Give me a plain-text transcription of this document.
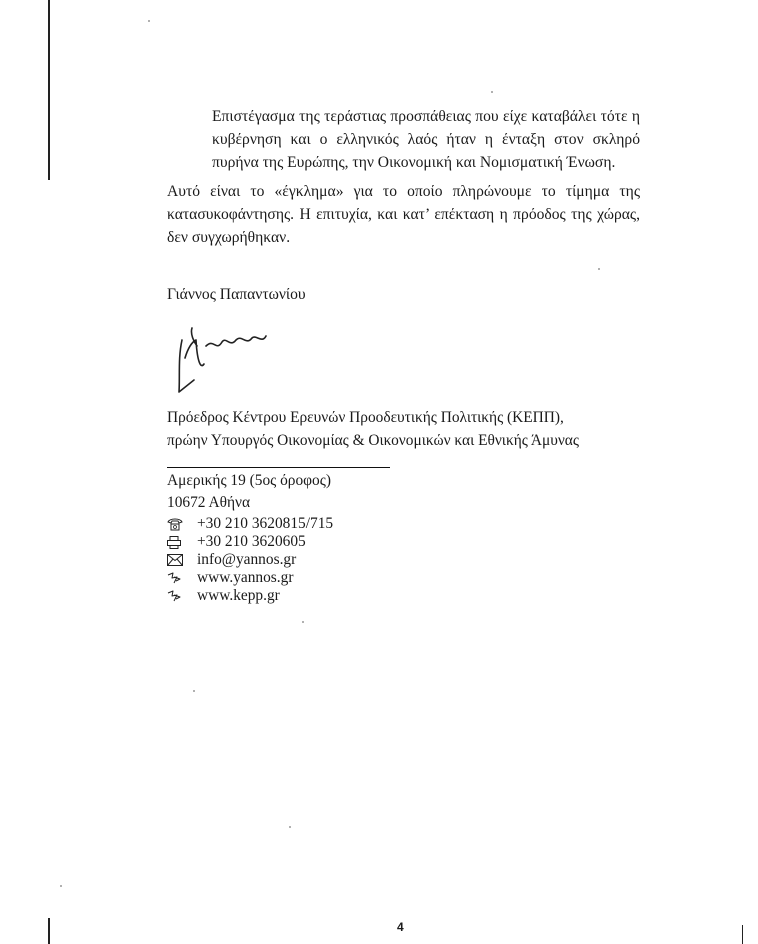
Επιστέγασμα της τεράστιας προσπάθειας που είχε καταβάλει τότε η κυβέρνηση και ο ελληνικός λαός ήταν η ένταξη στον σκληρό πυρήνα της Ευρώπης, την Οικονομική και Νομισματική Ένωση.

Αυτό είναι το «έγκλημα» για το οποίο πληρώνουμε το τίμημα της κατασυκοφάντησης. Η επιτυχία, και κατ’ επέκταση η πρόοδος της χώρας, δεν συγχωρήθηκαν.

Γιάννος Παπαντωνίου
Πρόεδρος Κέντρου Ερευνών Προοδευτικής Πολιτικής (ΚΕΠΠ),
πρώην Υπουργός Οικονομίας & Οικονομικών και Εθνικής Άμυνας
Αμερικής 19 (5ος όροφος)
10672 Αθήνα
+30 210 3620815/715
+30 210 3620605
info@yannos.gr
www.yannos.gr
www.kepp.gr
4
